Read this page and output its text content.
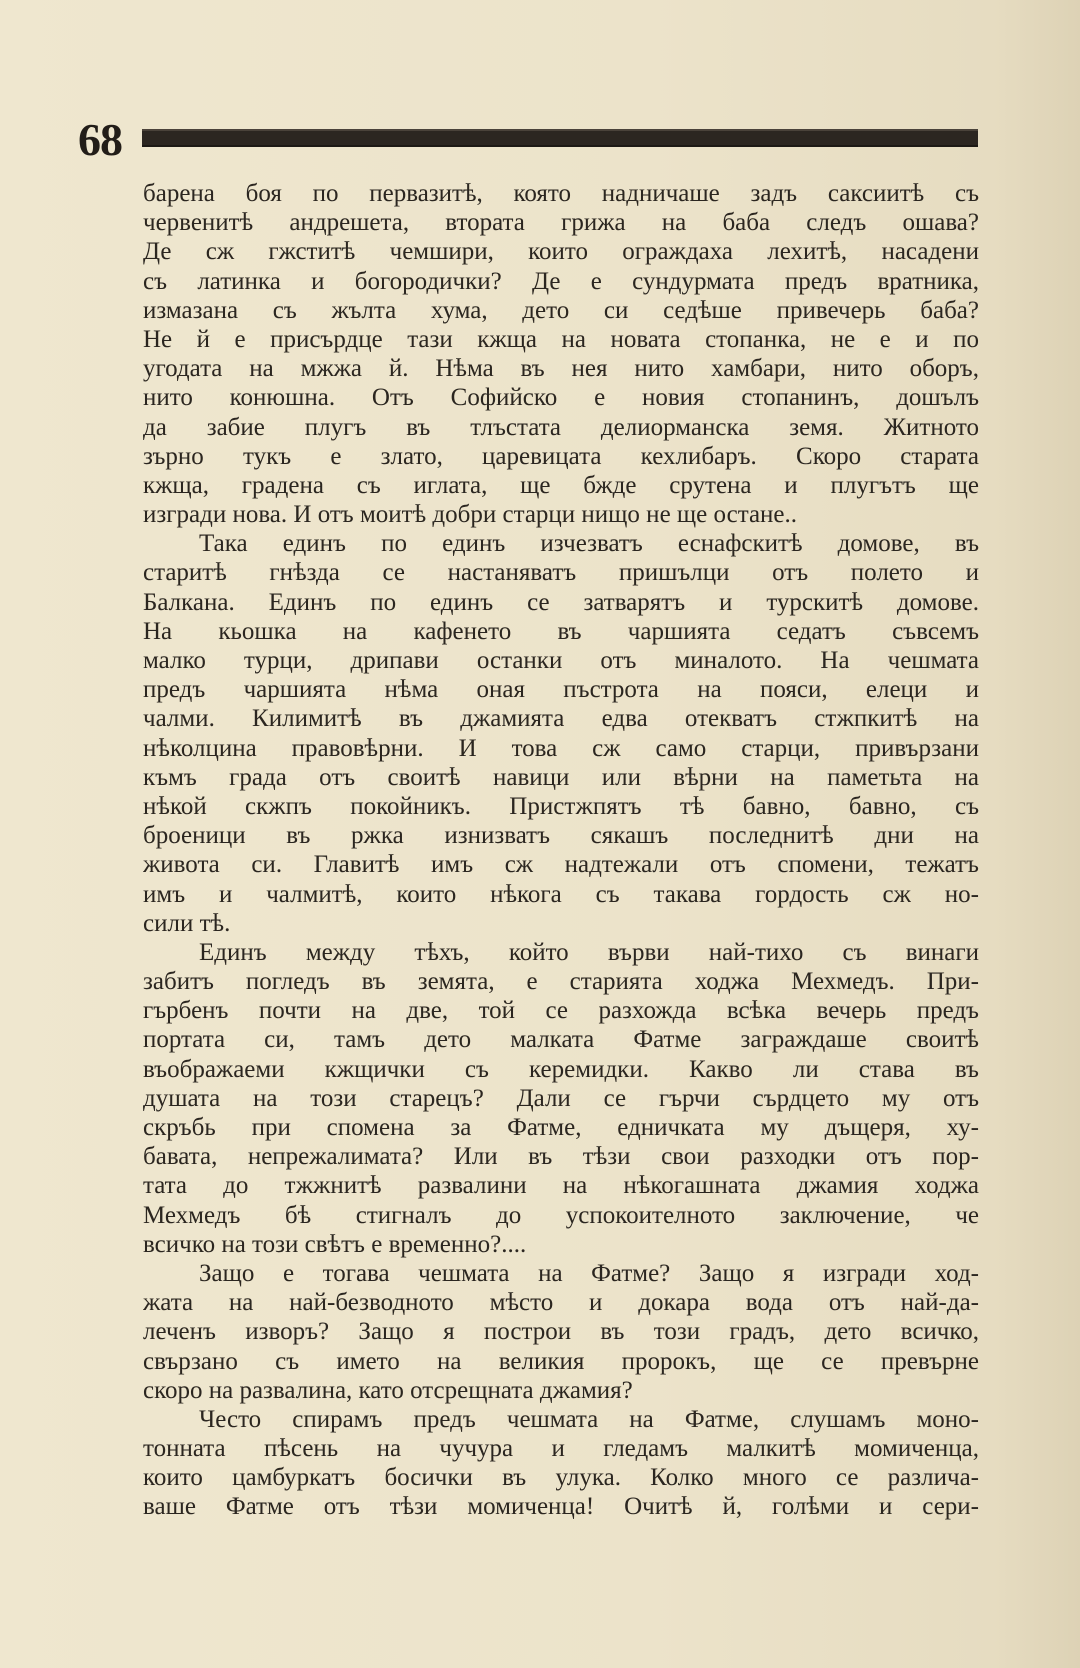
68
барена боя по первазитѣ, която надничаше задъ саксиитѣ съ
червенитѣ андрешета, втората грижа на баба следъ ошава?
Де сж гжститѣ чемшири, които ограждаха лехитѣ, насадени
съ латинка и богородички? Де е сундурмата предъ вратника,
измазана съ жълта хума, дето си седѣше привечерь баба?
Не й е присърдце тази кжща на новата стопанка, не е и по
угодата на мжжа й. Нѣма въ нея нито хамбари, нито оборъ,
нито конюшна. Отъ Софийско е новия стопанинъ, дошълъ
да забие плугъ въ тлъстата делиорманска земя. Житното
зърно тукъ е злато, царевицата кехлибаръ. Скоро старата
кжща, градена съ иглата, ще бжде срутена и плугътъ ще
изгради нова. И отъ моитѣ добри старци нищо не ще остане..
Така единъ по единъ изчезватъ еснафскитѣ домове, въ
старитѣ гнѣзда се настаняватъ пришълци отъ полето и
Балкана. Единъ по единъ се затварятъ и турскитѣ домове.
На кьошка на кафенето въ чаршията седатъ съвсемъ
малко турци, дрипави останки отъ миналото. На чешмата
предъ чаршията нѣма оная пъстрота на пояси, елеци и
чалми. Килимитѣ въ джамията едва отекватъ стжпкитѣ на
нѣколцина правовѣрни. И това сж само старци, привързани
къмъ града отъ своитѣ навици или вѣрни на паметьта на
нѣкой скжпъ покойникъ. Пристжпятъ тѣ бавно, бавно, съ
броеници въ ржка изнизватъ сякашъ последнитѣ дни на
живота си. Главитѣ имъ сж надтежали отъ спомени, тежатъ
имъ и чалмитѣ, които нѣкога съ такава гордость сж но-
сили тѣ.
Единъ между тѣхъ, който върви най-тихо съ винаги
забитъ погледъ въ земята, е старията ходжа Мехмедъ. При-
гърбенъ почти на две, той се разхожда всѣка вечерь предъ
портата си, тамъ дето малката Фатме заграждаше своитѣ
въображаеми кжщички съ керемидки. Какво ли става въ
душата на този старецъ? Дали се гърчи сърдцето му отъ
скръбь при спомена за Фатме, едничката му дъщеря, ху-
бавата, непрежалимата? Или въ тѣзи свои разходки отъ пор-
тата до тжжнитѣ развалини на нѣкогашната джамия ходжа
Мехмедъ бѣ стигналъ до успокоителното заключение, че
всичко на този свѣтъ е временно?....
Защо е тогава чешмата на Фатме? Защо я изгради ход-
жата на най-безводното мѣсто и докара вода отъ най-да-
леченъ изворъ? Защо я построи въ този градъ, дето всичко,
свързано съ името на великия пророкъ, ще се превърне
скоро на развалина, като отсрещната джамия?
Често спирамъ предъ чешмата на Фатме, слушамъ моно-
тонната пѣсень на чучура и гледамъ малкитѣ момиченца,
които цамбуркатъ босички въ улука. Колко много се различа-
ваше Фатме отъ тѣзи момиченца! Очитѣ й, голѣми и сери-
